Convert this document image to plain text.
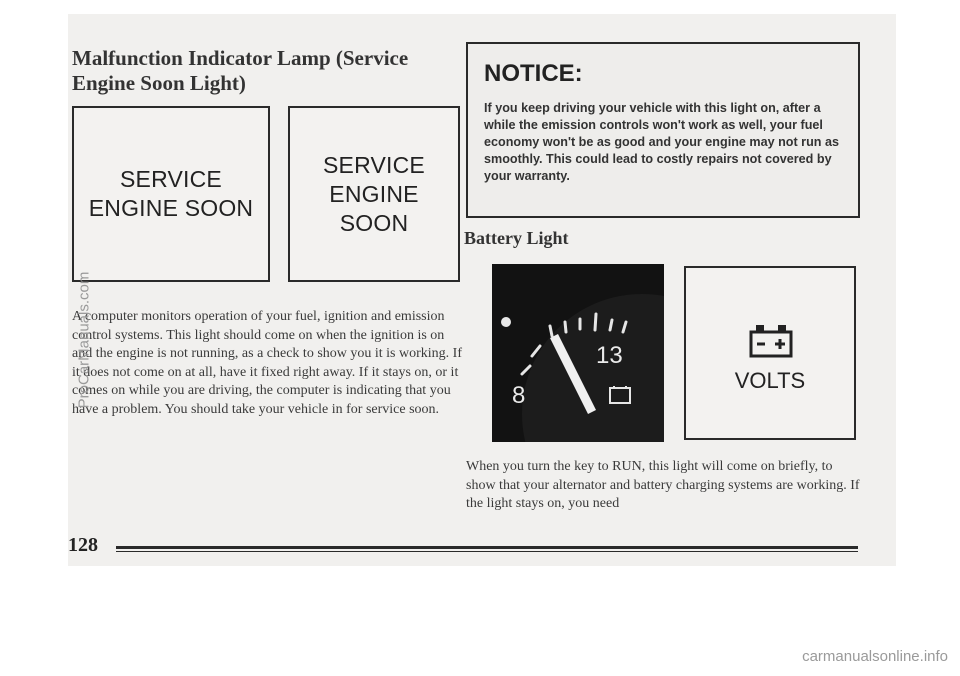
Malfunction Indicator Lamp (Service
Engine Soon Light)
SERVICE
ENGINE SOON
SERVICE
ENGINE
SOON

A computer monitors operation of your fuel, ignition and emission control systems. This light should come on when the ignition is on and the engine is not running, as a check to show you it is working. If it does not come on at all, have it fixed right away. If it stays on, or it comes on while you are driving, the computer is indicating that you have a problem. You should take your vehicle in for service soon.

NOTICE:
If you keep driving your vehicle with this light on, after a while the emission controls won't work as well, your fuel economy won't be as good and your engine may not run as smoothly. This could lead to costly repairs not covered by your warranty.
Battery Light
13
8
VOLTS

When you turn the key to RUN, this light will come on briefly, to show that your alternator and battery charging systems are working. If the light stays on, you need

128
ProCarManuals.com
carmanualsonline.info
